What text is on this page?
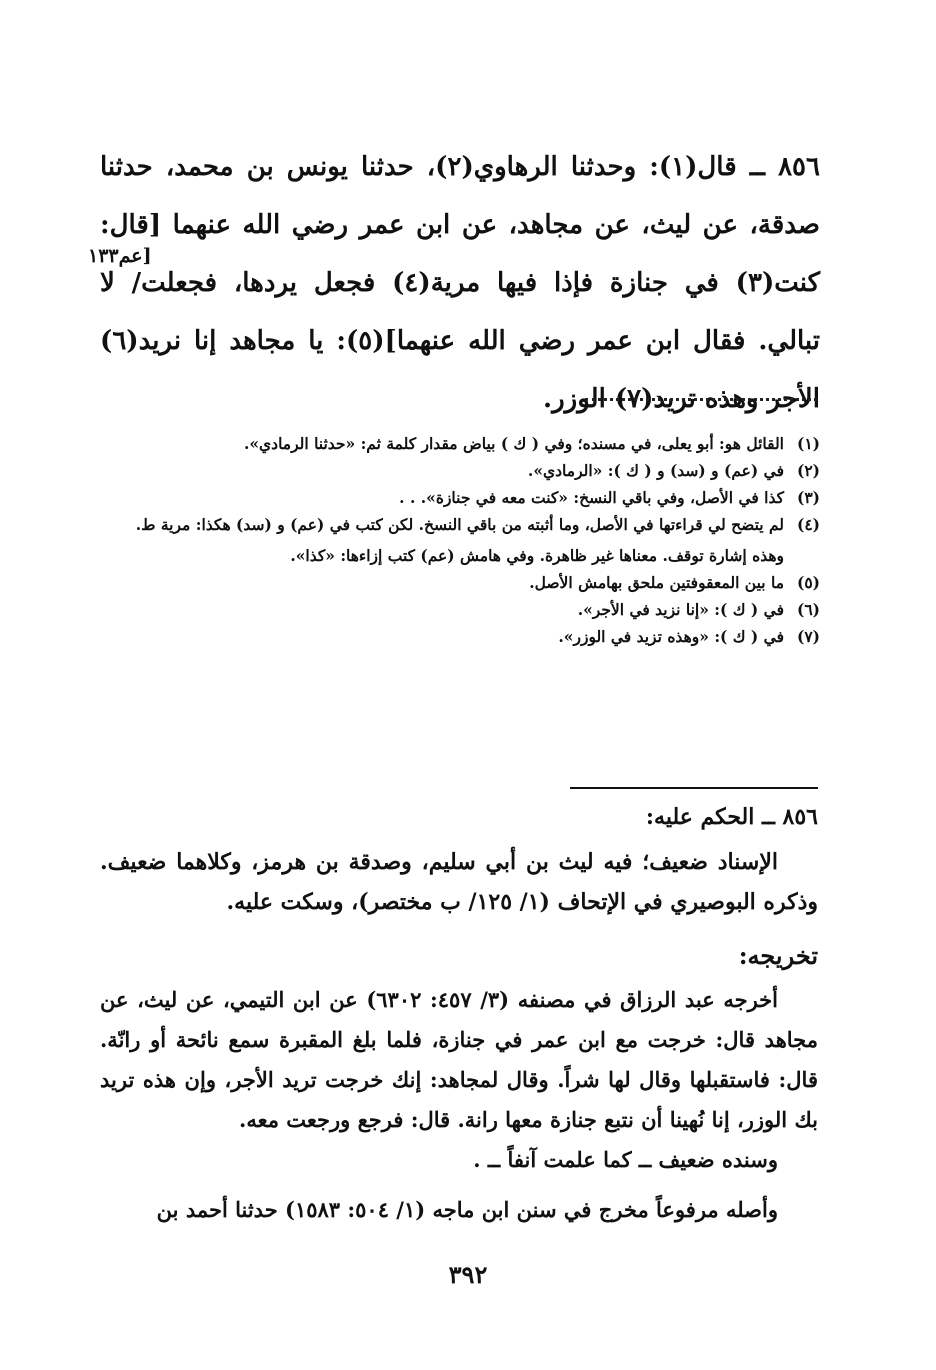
٨٥٦ ــ قال(١): وحدثنا الرهاوي(٢)، حدثنا يونس بن محمد، حدثنا صدقة، عن ليث، عن مجاهد، عن ابن عمر رضي الله عنهما [قال: كنت(٣) في جنازة فإذا فيها مرية(٤) فجعل يردها، فجعلت/ لا تبالي. فقال ابن عمر رضي الله عنهما](٥): يا مجاهد إنا نريد(٦) الأجر وهذه تريد(٧) الوزر.

[عم١٣٣
(١)
القائل هو: أبو يعلى، في مسنده؛ وفي ( ك ) بياض مقدار كلمة ثم: «حدثنا الرمادي».
(٢)
في (عم) و (سد) و ( ك ): «الرمادي».
(٣)
كذا في الأصل، وفي باقي النسخ: «كنت معه في جنازة». . .
(٤)
لم يتضح لي قراءتها في الأصل، وما أثبته من باقي النسخ. لكن كتب في (عم) و (سد) هكذا: مرية ط.
وهذه إشارة توقف. معناها غير ظاهرة. وفي هامش (عم) كتب إزاءها: «كذا».
(٥)
ما بين المعقوفتين ملحق بهامش الأصل.
(٦)
في ( ك ): «إنا نزيد في الأجر».
(٧)
في ( ك ): «وهذه تزيد في الوزر».
٨٥٦ ــ الحكم عليه:

الإسناد ضعيف؛ فيه ليث بن أبي سليم، وصدقة بن هرمز، وكلاهما ضعيف. وذكره البوصيري في الإتحاف (١/ ١٢٥/ ب مختصر)، وسكت عليه.

تخريجه:

أخرجه عبد الرزاق في مصنفه (٣/ ٤٥٧: ٦٣٠٢) عن ابن التيمي، عن ليث، عن مجاهد قال: خرجت مع ابن عمر في جنازة، فلما بلغ المقبرة سمع نائحة أو رانّة. قال: فاستقبلها وقال لها شراً. وقال لمجاهد: إنك خرجت تريد الأجر، وإن هذه تريد بك الوزر، إنا نُهينا أن نتبع جنازة معها رانة. قال: فرجع ورجعت معه.

وسنده ضعيف ــ كما علمت آنفاً ــ .

وأصله مرفوعاً مخرج في سنن ابن ماجه (١/ ٥٠٤: ١٥٨٣) حدثنا أحمد بن

٣٩٢
